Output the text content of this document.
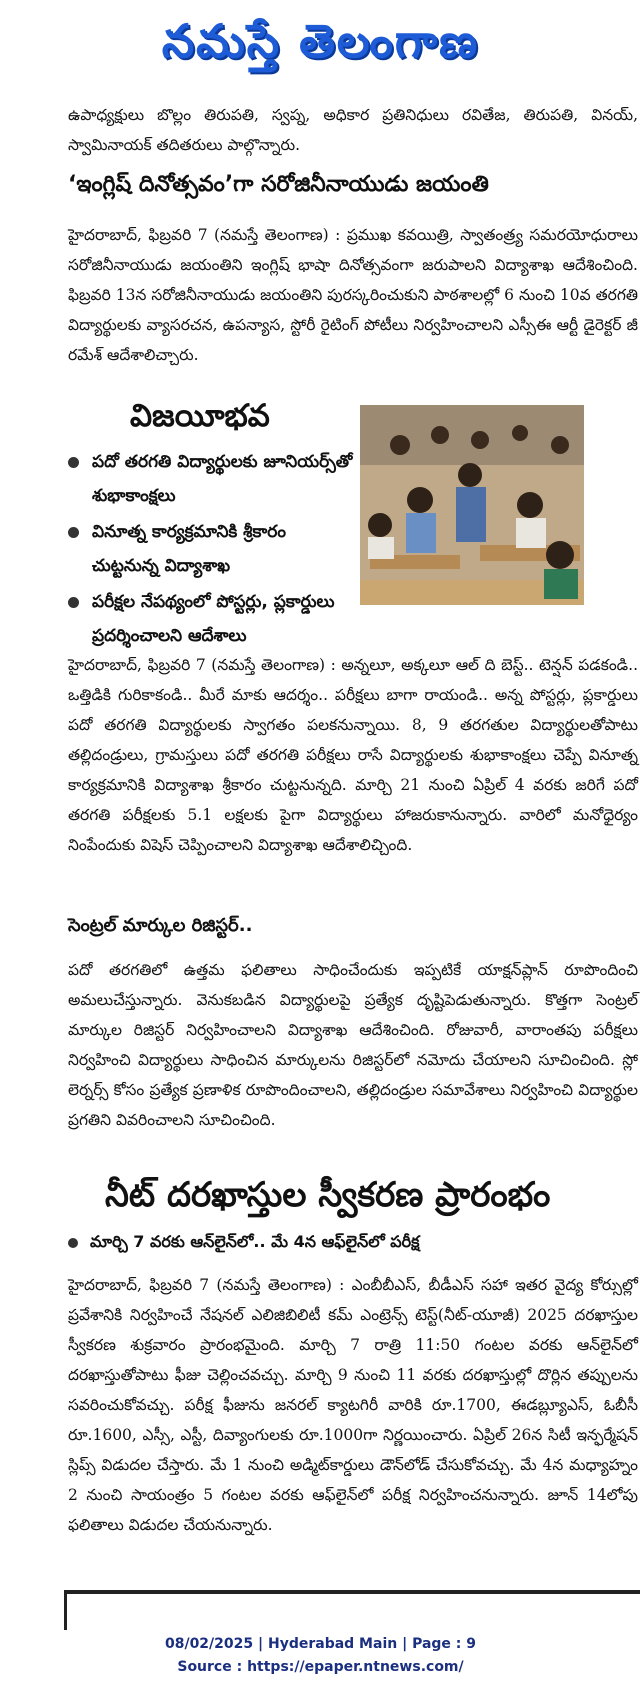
నమస్తే తెలంగాణ

ఉపాధ్యక్షులు బొల్లం తిరుపతి, స్వప్న, అధికార ప్రతినిధులు రవితేజ, తిరుపతి, వినయ్, స్వామినాయక్ తదితరులు పాల్గొన్నారు.

‘ఇంగ్లిష్ దినోత్సవం’గా సరోజినీనాయుడు జయంతి

హైదరాబాద్, ఫిబ్రవరి 7 (నమస్తే తెలంగాణ) : ప్రముఖ కవయిత్రి, స్వాతంత్ర్య సమరయోధురాలు సరోజినీనాయుడు జయంతిని ఇంగ్లిష్ భాషా దినోత్సవంగా జరుపాలని విద్యాశాఖ ఆదేశించింది. ఫిబ్రవరి 13న సరోజినీనాయుడు జయంతిని పురస్కరించుకుని పాఠశాలల్లో 6 నుంచి 10వ తరగతి విద్యార్థులకు వ్యాసరచన, ఉపన్యాస, స్టోరీ రైటింగ్ పోటీలు నిర్వహించాలని ఎస్సీఈ ఆర్టీ డైరెక్టర్ జీ రమేశ్ ఆదేశాలిచ్చారు.

విజయీభవ
పదో తరగతి విద్యార్థులకు జూనియర్స్‌తో శుభాకాంక్షలు
వినూత్న కార్యక్రమానికి శ్రీకారం చుట్టనున్న విద్యాశాఖ
పరీక్షల నేపథ్యంలో పోస్టర్లు, ప్లకార్డులు ప్రదర్శించాలని ఆదేశాలు

హైదరాబాద్, ఫిబ్రవరి 7 (నమస్తే తెలంగాణ) : అన్నలూ, అక్కలూ ఆల్ ది బెస్ట్.. టెన్షన్ పడకండి.. ఒత్తిడికి గురికాకండి.. మీరే మాకు ఆదర్శం.. పరీక్షలు బాగా రాయండి.. అన్న పోస్టర్లు, ప్లకార్డులు పదో తరగతి విద్యార్థులకు స్వాగతం పలకనున్నాయి. 8, 9 తరగతుల విద్యార్థులతోపాటు తల్లిదండ్రులు, గ్రామస్తులు పదో తరగతి పరీక్షలు రాసే విద్యార్థులకు శుభాకాంక్షలు చెప్పే వినూత్న కార్యక్రమానికి విద్యాశాఖ శ్రీకారం చుట్టనున్నది. మార్చి 21 నుంచి ఏప్రిల్ 4 వరకు జరిగే పదో తరగతి పరీక్షలకు 5.1 లక్షలకు పైగా విద్యార్థులు హాజరుకానున్నారు. వారిలో మనోధైర్యం నింపేందుకు విషెస్ చెప్పించాలని విద్యాశాఖ ఆదేశాలిచ్చింది.

సెంట్రల్ మార్కుల రిజిస్టర్..

పదో తరగతిలో ఉత్తమ ఫలితాలు సాధించేందుకు ఇప్పటికే యాక్షన్‌ప్లాన్ రూపొందించి అమలుచేస్తున్నారు. వెనుకబడిన విద్యార్థులపై ప్రత్యేక దృష్టిపెడుతున్నారు. కొత్తగా సెంట్రల్ మార్కుల రిజిస్టర్ నిర్వహించాలని విద్యాశాఖ ఆదేశించింది. రోజువారీ, వారాంతపు పరీక్షలు నిర్వహించి విద్యార్థులు సాధించిన మార్కులను రిజిస్టర్‌లో నమోదు చేయాలని సూచించింది. స్లో లెర్నర్స్ కోసం ప్రత్యేక ప్రణాళిక రూపొందించాలని, తల్లిదండ్రుల సమావేశాలు నిర్వహించి విద్యార్థుల ప్రగతిని వివరించాలని సూచించింది.

నీట్ దరఖాస్తుల స్వీకరణ ప్రారంభం
మార్చి 7 వరకు ఆన్‌లైన్‌లో.. మే 4న ఆఫ్‌లైన్‌లో పరీక్ష

హైదరాబాద్, ఫిబ్రవరి 7 (నమస్తే తెలంగాణ) : ఎంబీబీఎస్, బీడీఎస్ సహా ఇతర వైద్య కోర్సుల్లో ప్రవేశానికి నిర్వహించే నేషనల్ ఎలిజిబిలిటీ కమ్ ఎంట్రెన్స్ టెస్ట్(నీట్-యూజీ) 2025 దరఖాస్తుల స్వీకరణ శుక్రవారం ప్రారంభమైంది. మార్చి 7 రాత్రి 11:50 గంటల వరకు ఆన్‌లైన్‌లో దరఖాస్తుతోపాటు ఫీజు చెల్లించవచ్చు. మార్చి 9 నుంచి 11 వరకు దరఖాస్తుల్లో దొర్లిన తప్పులను సవరించుకోవచ్చు. పరీక్ష ఫీజును జనరల్ క్యాటగిరీ వారికి రూ.1700, ఈడబ్ల్యూఎస్, ఓబీసీ రూ.1600, ఎస్సీ, ఎస్టీ, దివ్యాంగులకు రూ.1000గా నిర్ణయించారు. ఏప్రిల్ 26న సిటీ ఇన్ఫర్మేషన్ స్లిప్స్ విడుదల చేస్తారు. మే 1 నుంచి అడ్మిట్‌కార్డులు డౌన్‌లోడ్ చేసుకోవచ్చు. మే 4న మధ్యాహ్నం 2 నుంచి సాయంత్రం 5 గంటల వరకు ఆఫ్‌లైన్‌లో పరీక్ష నిర్వహించనున్నారు. జూన్ 14లోపు ఫలితాలు విడుదల చేయనున్నారు.

08/02/2025 | Hyderabad Main | Page : 9
Source : https://epaper.ntnews.com/
